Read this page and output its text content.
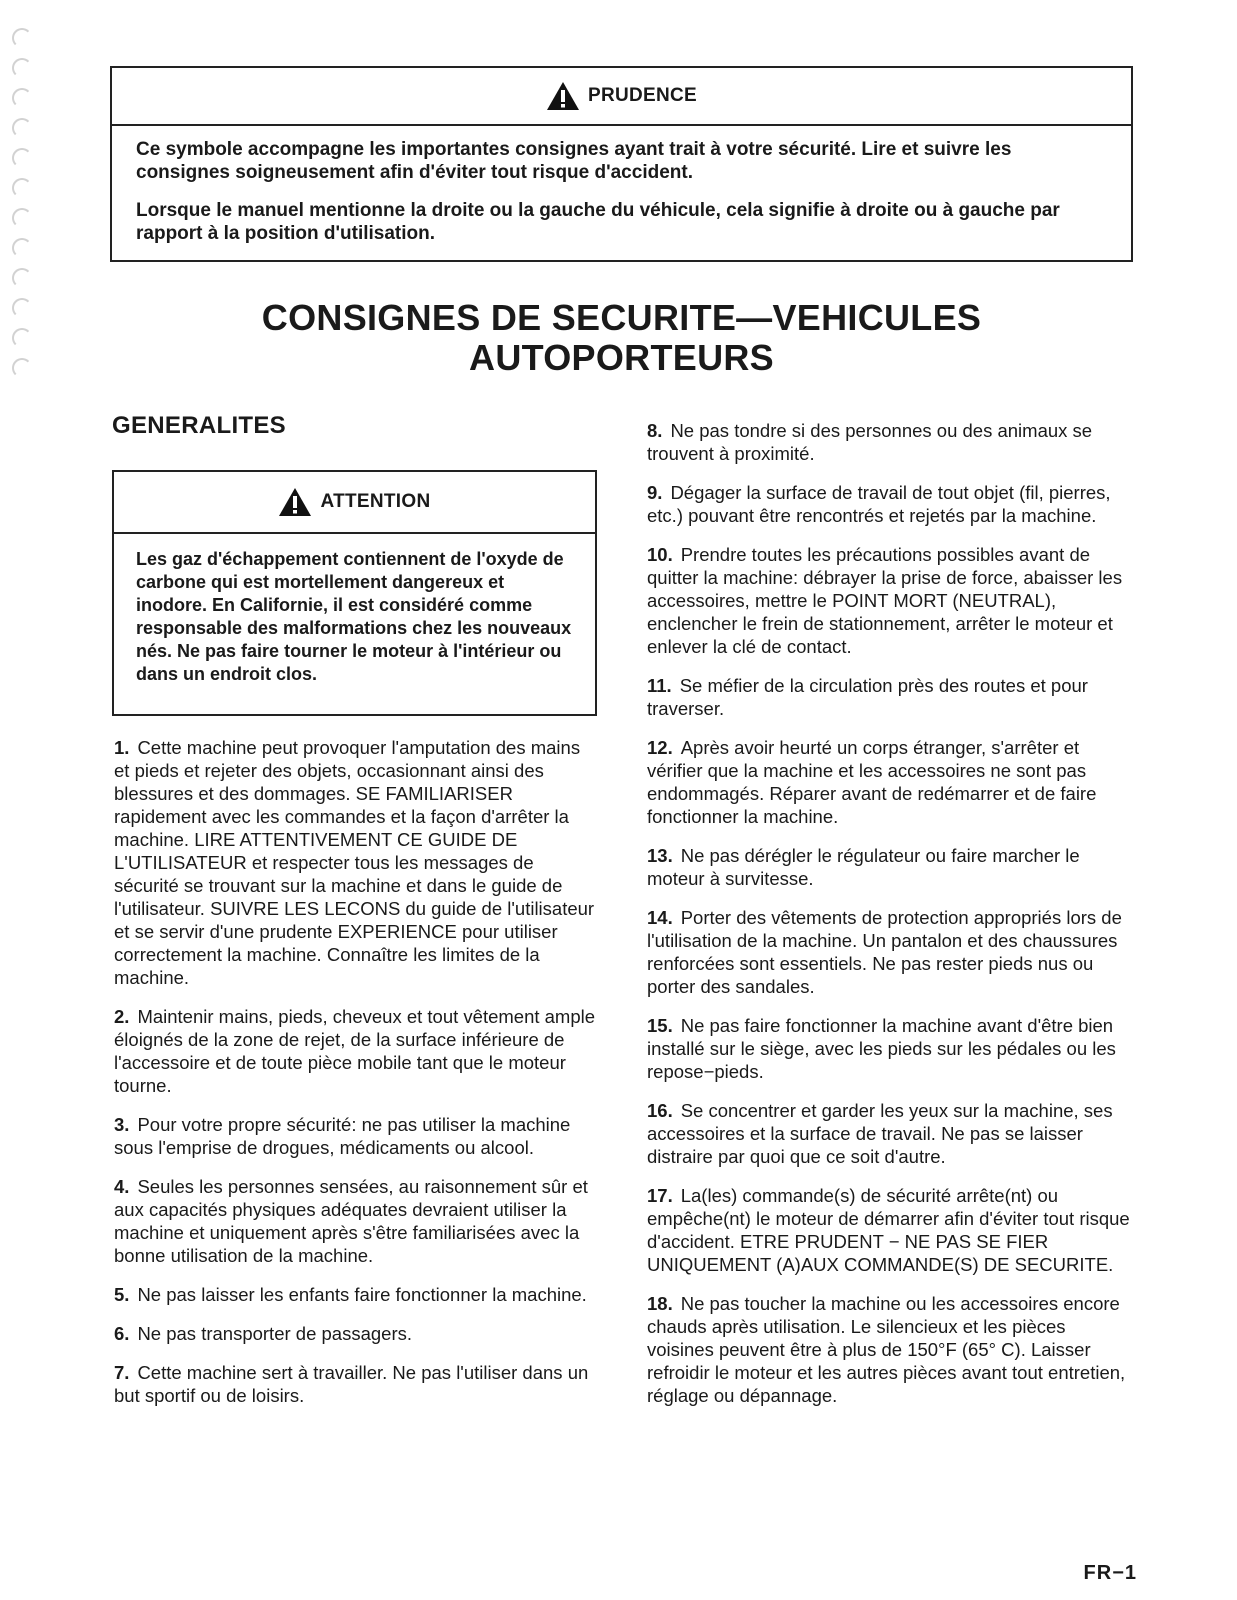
PRUDENCE

Ce symbole accompagne les importantes consignes ayant trait à votre sécurité. Lire et suivre les consignes soigneusement afin d'éviter tout risque d'accident.

Lorsque le manuel mentionne la droite ou la gauche du véhicule, cela signifie à droite ou à gauche par rapport à la position d'utilisation.

CONSIGNES DE SECURITE—VEHICULES
AUTOPORTEURS
GENERALITES
ATTENTION

Les gaz d'échappement contiennent de l'oxyde de carbone qui est mortellement dangereux et inodore. En Californie, il est considéré comme responsable des malformations chez les nouveaux nés. Ne pas faire tourner le moteur à l'intérieur ou dans un endroit clos.

1. Cette machine peut provoquer l'amputation des mains et pieds et rejeter des objets, occasionnant ainsi des blessures et des dommages. SE FAMILIARISER rapidement avec les commandes et la façon d'arrêter la machine. LIRE ATTENTIVEMENT CE GUIDE DE L'UTILISATEUR et respecter tous les messages de sécurité se trouvant sur la machine et dans le guide de l'utilisateur. SUIVRE LES LECONS du guide de l'utilisateur et se servir d'une prudente EXPERIENCE pour utiliser correctement la machine. Connaître les limites de la machine.
2. Maintenir mains, pieds, cheveux et tout vêtement ample éloignés de la zone de rejet, de la surface inférieure de l'accessoire et de toute pièce mobile tant que le moteur tourne.
3. Pour votre propre sécurité: ne pas utiliser la machine sous l'emprise de drogues, médicaments ou alcool.
4. Seules les personnes sensées, au raisonnement sûr et aux capacités physiques adéquates devraient utiliser la machine et uniquement après s'être familiarisées avec la bonne utilisation de la machine.
5. Ne pas laisser les enfants faire fonctionner la machine.
6. Ne pas transporter de passagers.
7. Cette machine sert à travailler. Ne pas l'utiliser dans un but sportif ou de loisirs.
8. Ne pas tondre si des personnes ou des animaux se trouvent à proximité.
9. Dégager la surface de travail de tout objet (fil, pierres, etc.) pouvant être rencontrés et rejetés par la machine.
10. Prendre toutes les précautions possibles avant de quitter la machine: débrayer la prise de force, abaisser les accessoires, mettre le POINT MORT (NEUTRAL), enclencher le frein de stationnement, arrêter le moteur et enlever la clé de contact.
11. Se méfier de la circulation près des routes et pour traverser.
12. Après avoir heurté un corps étranger, s'arrêter et vérifier que la machine et les accessoires ne sont pas endommagés. Réparer avant de redémarrer et de faire fonctionner la machine.
13. Ne pas dérégler le régulateur ou faire marcher le moteur à survitesse.
14. Porter des vêtements de protection appropriés lors de l'utilisation de la machine. Un pantalon et des chaussures renforcées sont essentiels. Ne pas rester pieds nus ou porter des sandales.
15. Ne pas faire fonctionner la machine avant d'être bien installé sur le siège, avec les pieds sur les pédales ou les repose−pieds.
16. Se concentrer et garder les yeux sur la machine, ses accessoires et la surface de travail. Ne pas se laisser distraire par quoi que ce soit d'autre.
17. La(les) commande(s) de sécurité arrête(nt) ou empêche(nt) le moteur de démarrer afin d'éviter tout risque d'accident. ETRE PRUDENT − NE PAS SE FIER UNIQUEMENT (A)AUX COMMANDE(S) DE SECURITE.
18. Ne pas toucher la machine ou les accessoires encore chauds après utilisation. Le silencieux et les pièces voisines peuvent être à plus de 150°F (65° C). Laisser refroidir le moteur et les autres pièces avant tout entretien, réglage ou dépannage.
FR−1
